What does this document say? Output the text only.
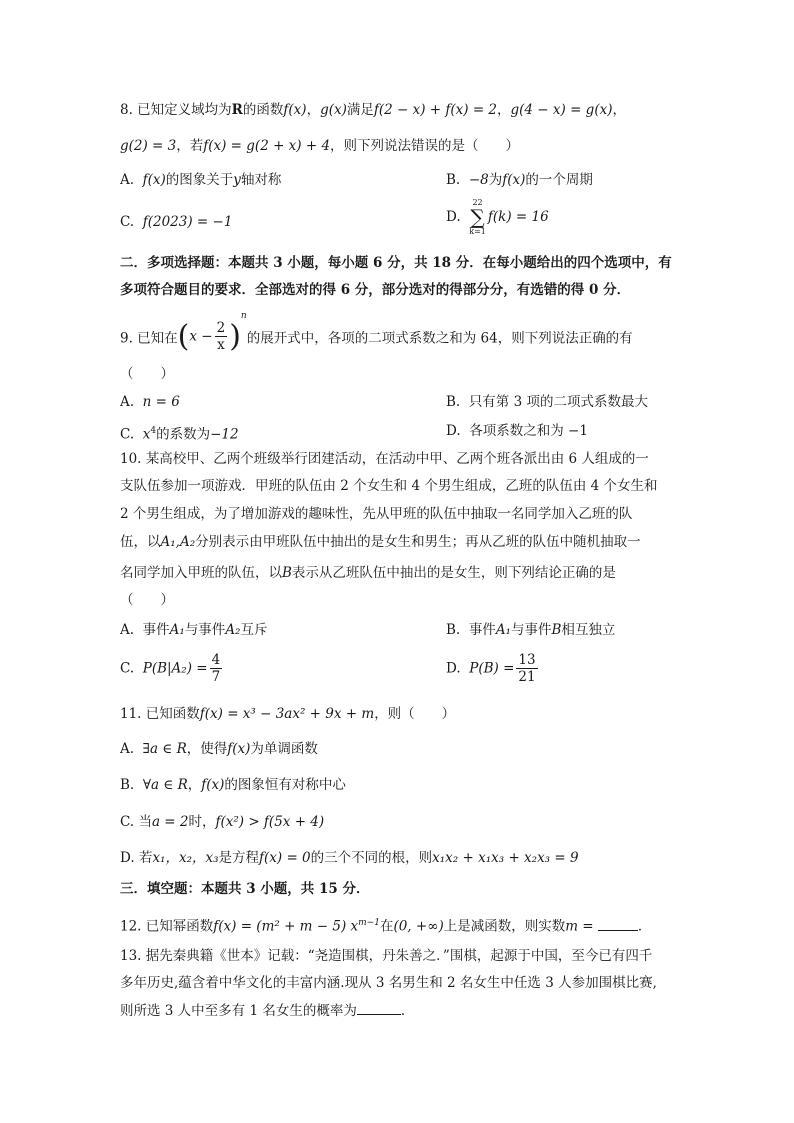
8. 已知定义域均为R的函数f(x)，g(x)满足f(2 − x) + f(x) = 2，g(4 − x) = g(x)，
g(2) = 3，若f(x) = g(2 + x) + 4，则下列说法错误的是（　　）
A. f(x)的图象关于y轴对称	B. −8为f(x)的一个周期
C. f(2023) = −1	D.
22
∑
k=1
f(k) = 16
二．多项选择题：本题共 3 小题，每小题 6 分，共 18 分．在每小题给出的四个选项中，有
多项符合题目的要求．全部选对的得 6 分，部分选对的得部分分，有选错的得 0 分．
9. 已知在$(x - \frac{2}{x} )^n$的展开式中，各项的二项式系数之和为 64，则下列说法正确的有
（　　）
A. n = 6	B. 只有第 3 项的二项式系数最大
C. $x^4$的系数为−12	D. 各项系数之和为 −1
10. 某高校甲、乙两个班级举行团建活动，在活动中甲、乙两个班各派出由 6 人组成的一
支队伍参加一项游戏．甲班的队伍由 2 个女生和 4 个男生组成，乙班的队伍由 4 个女生和
2 个男生组成，为了增加游戏的趣味性，先从甲班的队伍中抽取一名同学加入乙班的队
伍，以A₁,A₂分别表示由甲班队伍中抽出的是女生和男生；再从乙班的队伍中随机抽取一
名同学加入甲班的队伍，以B表示从乙班队伍中抽出的是女生，则下列结论正确的是
（　　）
A. 事件A₁与事件A₂互斥	B. 事件A₁与事件B相互独立
C. $P(B|A_2) = \frac{4}{7}$	D. $P(B) = \frac{13}{21}$
11. 已知函数f(x) = x³ − 3ax² + 9x + m，则（　　）
A. ∃a ∈ R，使得f(x)为单调函数
B. ∀a ∈ R，f(x)的图象恒有对称中心
C. 当a = 2时，f(x²) > f(5x + 4)
D. 若x₁，x₂，x₃是方程f(x) = 0的三个不同的根，则x₁x₂ + x₁x₃ + x₂x₃ = 9
三．填空题：本题共 3 小题，共 15 分．
12. 已知幂函数f(x) = (m² + m − 5) $x^{m-1}$在(0, +∞)上是减函数，则实数m =	．
13. 据先秦典籍《世本》记载：“尧造围棋，丹朱善之．”围棋，起源于中国，至今已有四千
多年历史,蕴含着中华文化的丰富内涵.现从 3 名男生和 2 名女生中任选 3 人参加围棋比赛,
则所选 3 人中至多有 1 名女生的概率为	．
